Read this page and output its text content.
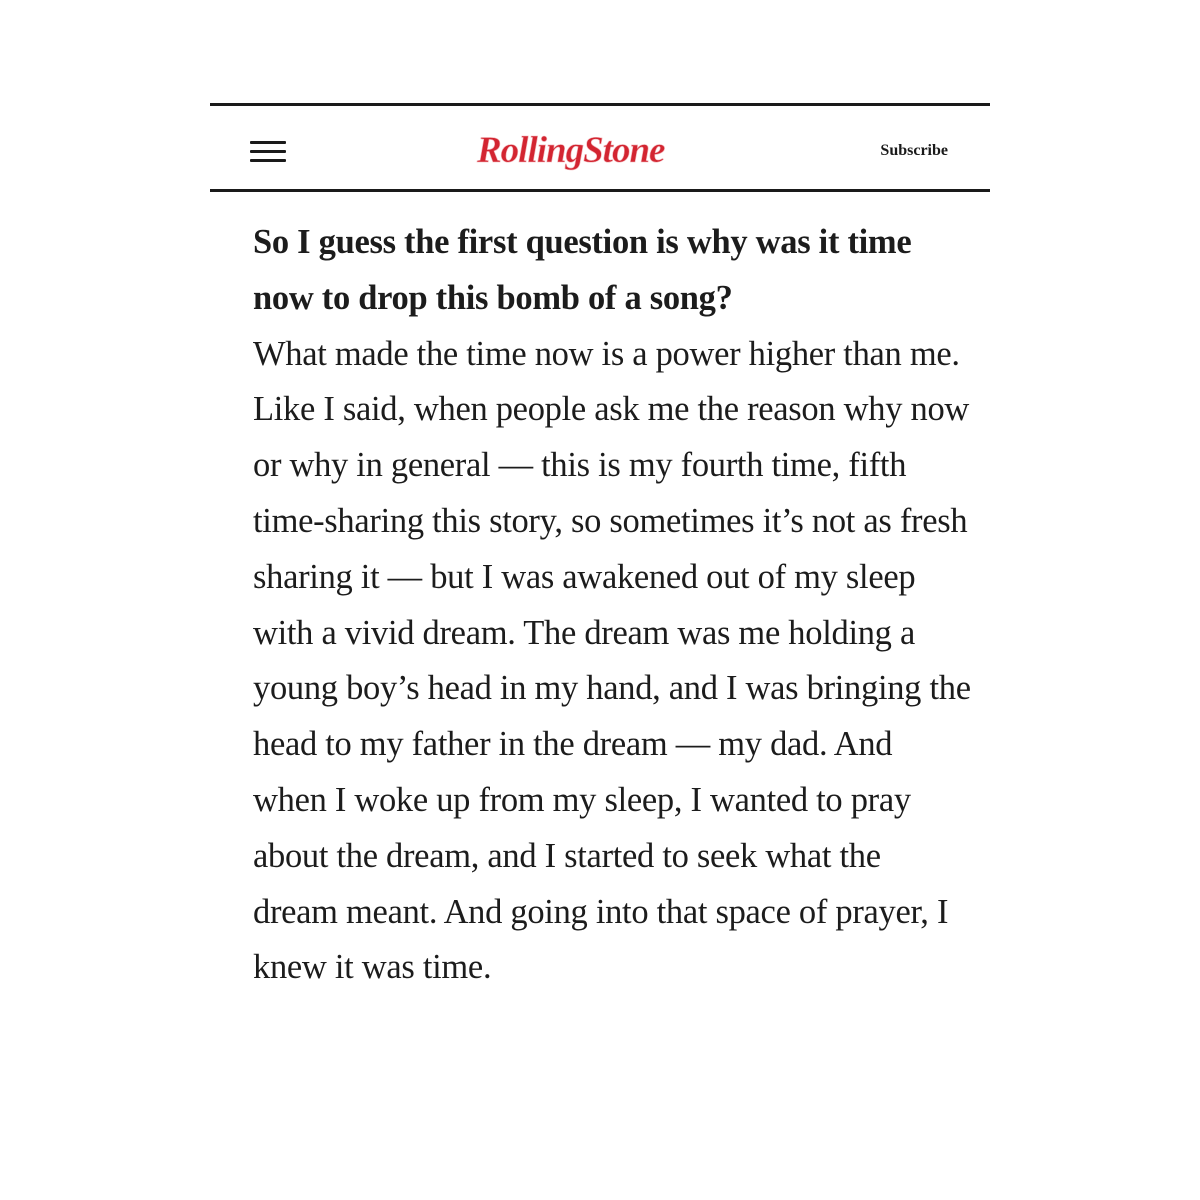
RollingStone	Subscribe

So I guess the first question is why was it time now to drop this bomb of a song?

What made the time now is a power higher than me. Like I said, when people ask me the reason why now or why in general — this is my fourth time, fifth time-sharing this story, so sometimes it’s not as fresh sharing it — but I was awakened out of my sleep with a vivid dream. The dream was me holding a young boy’s head in my hand, and I was bringing the head to my father in the dream — my dad. And when I woke up from my sleep, I wanted to pray about the dream, and I started to seek what the dream meant. And going into that space of prayer, I knew it was time.
